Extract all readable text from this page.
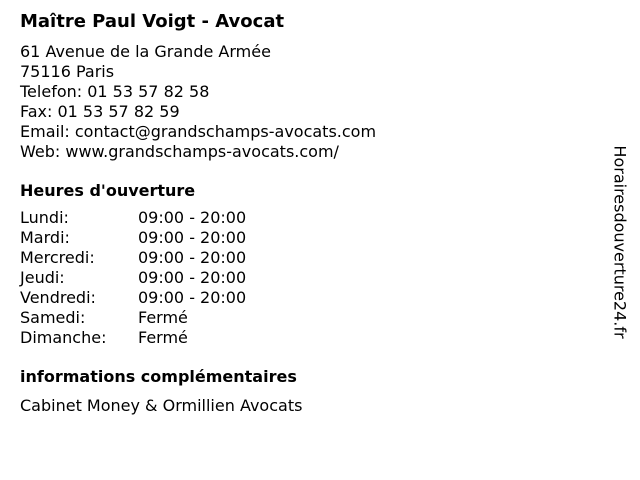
Maître Paul Voigt - Avocat
61 Avenue de la Grande Armée
75116 Paris
Telefon: 01 53 57 82 58
Fax: 01 53 57 82 59
Email: contact@grandschamps-avocats.com
Web: www.grandschamps-avocats.com/
Heures d'ouverture
Lundi:	09:00 - 20:00
Mardi:	09:00 - 20:00
Mercredi:	09:00 - 20:00
Jeudi:	09:00 - 20:00
Vendredi:	09:00 - 20:00
Samedi:	Fermé
Dimanche:	Fermé
informations complémentaires
Cabinet Money & Ormillien Avocats
Horairesdouverture24.fr
